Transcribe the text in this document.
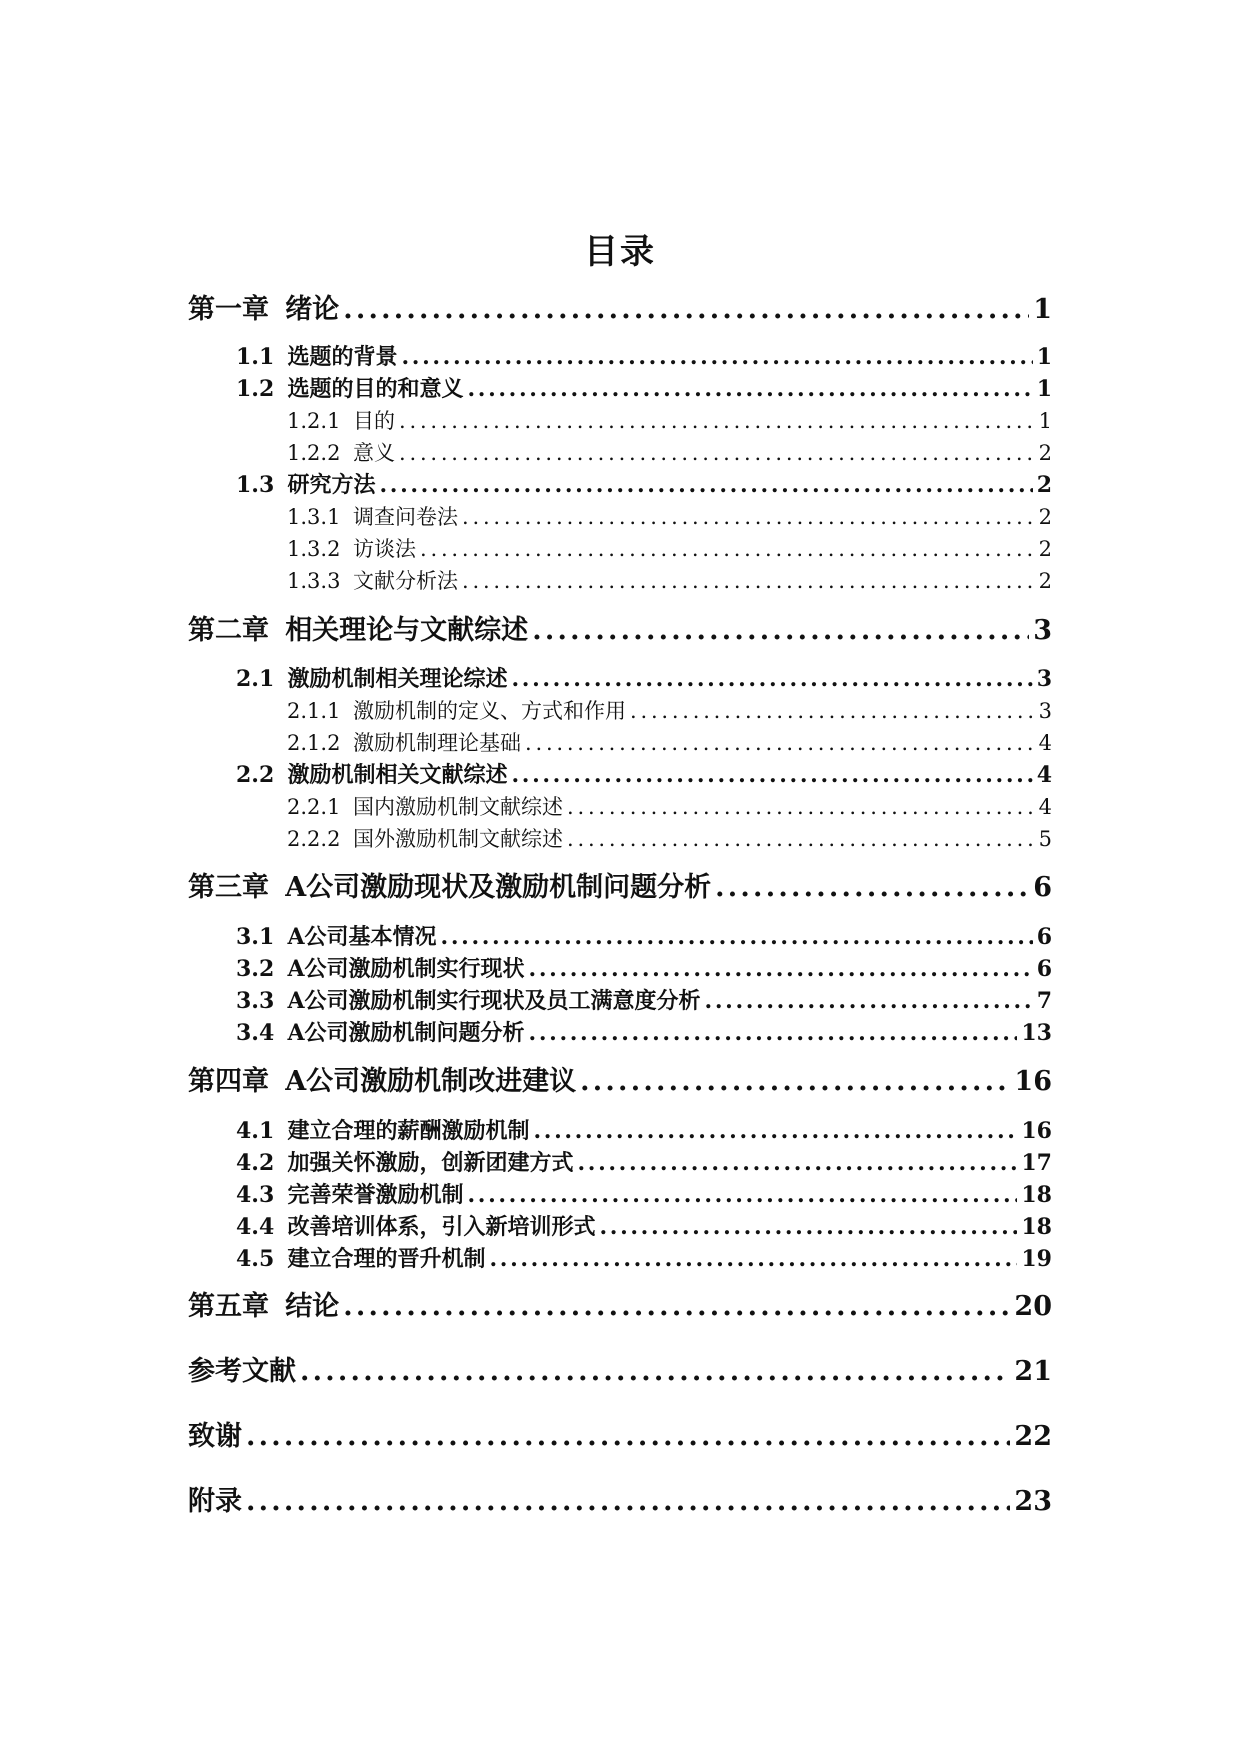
目录
第一章 绪论 .....	1
1.1 选题的背景 .....	1
1.2 选题的目的和意义 .....	1
1.2.1 目的 .....	1
1.2.2 意义 .....	2
1.3 研究方法 .....	2
1.3.1 调查问卷法 .....	2
1.3.2 访谈法 .....	2
1.3.3 文献分析法 .....	2
第二章 相关理论与文献综述 .....	3
2.1 激励机制相关理论综述 .....	3
2.1.1 激励机制的定义、方式和作用 .....	3
2.1.2 激励机制理论基础 .....	4
2.2 激励机制相关文献综述 .....	4
2.2.1 国内激励机制文献综述 .....	4
2.2.2 国外激励机制文献综述 .....	5
第三章 A公司激励现状及激励机制问题分析 .....	6
3.1 A公司基本情况 .....	6
3.2 A公司激励机制实行现状 .....	6
3.3 A公司激励机制实行现状及员工满意度分析 .....	7
3.4 A公司激励机制问题分析 .....	13
第四章 A公司激励机制改进建议 .....	16
4.1 建立合理的薪酬激励机制 .....	16
4.2 加强关怀激励，创新团建方式 .....	17
4.3 完善荣誉激励机制 .....	18
4.4 改善培训体系，引入新培训形式 .....	18
4.5 建立合理的晋升机制 .....	19
第五章 结论 .....	20
参考文献 .....	21
致谢 .....	22
附录 .....	23
